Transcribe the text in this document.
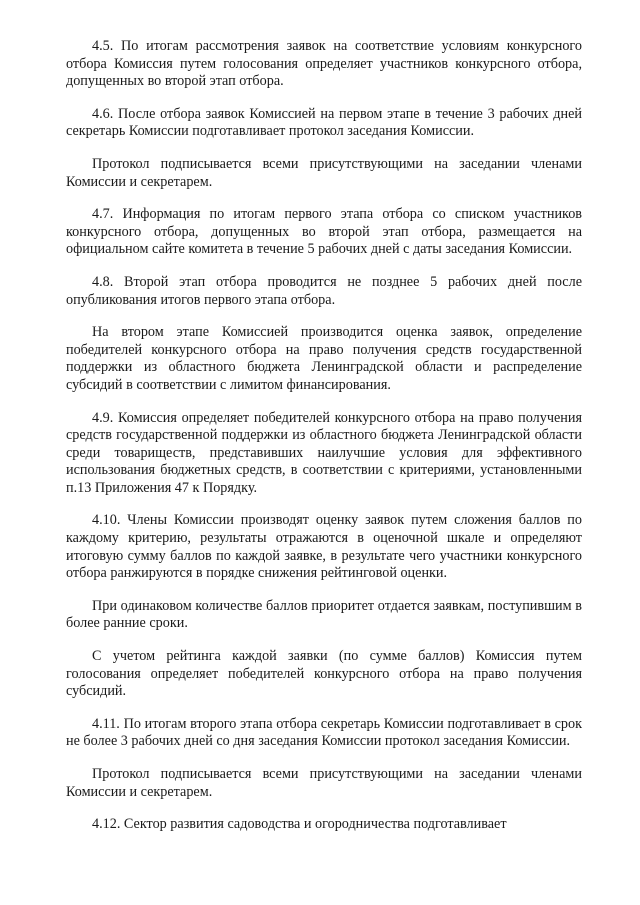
4.5. По итогам рассмотрения заявок на соответствие условиям конкурсного отбора Комиссия путем голосования определяет участников конкурсного отбора, допущенных во второй этап отбора.

4.6. После отбора заявок Комиссией на первом этапе в течение 3 рабочих дней секретарь Комиссии подготавливает протокол заседания Комиссии.

Протокол подписывается всеми присутствующими на заседании членами Комиссии и секретарем.

4.7. Информация по итогам первого этапа отбора со списком участников конкурсного отбора, допущенных во второй этап отбора, размещается на официальном сайте комитета в течение 5 рабочих дней с даты заседания Комиссии.

4.8. Второй этап отбора проводится не позднее 5 рабочих дней после опубликования итогов первого этапа отбора.

На втором этапе Комиссией производится оценка заявок, определение победителей конкурсного отбора на право получения средств государственной поддержки из областного бюджета Ленинградской области и распределение субсидий в соответствии с лимитом финансирования.

4.9. Комиссия определяет победителей конкурсного отбора на право получения средств государственной поддержки из областного бюджета Ленинградской области среди товариществ, представивших наилучшие условия для эффективного использования бюджетных средств, в соответствии с критериями, установленными п.13 Приложения 47 к Порядку.

4.10. Члены Комиссии производят оценку заявок путем сложения баллов по каждому критерию, результаты отражаются в оценочной шкале и определяют итоговую сумму баллов по каждой заявке, в результате чего участники конкурсного отбора ранжируются в порядке снижения рейтинговой оценки.

При одинаковом количестве баллов приоритет отдается заявкам, поступившим в более ранние сроки.

С учетом рейтинга каждой заявки (по сумме баллов) Комиссия путем голосования определяет победителей конкурсного отбора на право получения субсидий.

4.11. По итогам второго этапа отбора секретарь Комиссии подготавливает в срок не более 3 рабочих дней со дня заседания Комиссии протокол заседания Комиссии.

Протокол подписывается всеми присутствующими на заседании членами Комиссии и секретарем.

4.12. Сектор развития садоводства и огородничества подготавливает
